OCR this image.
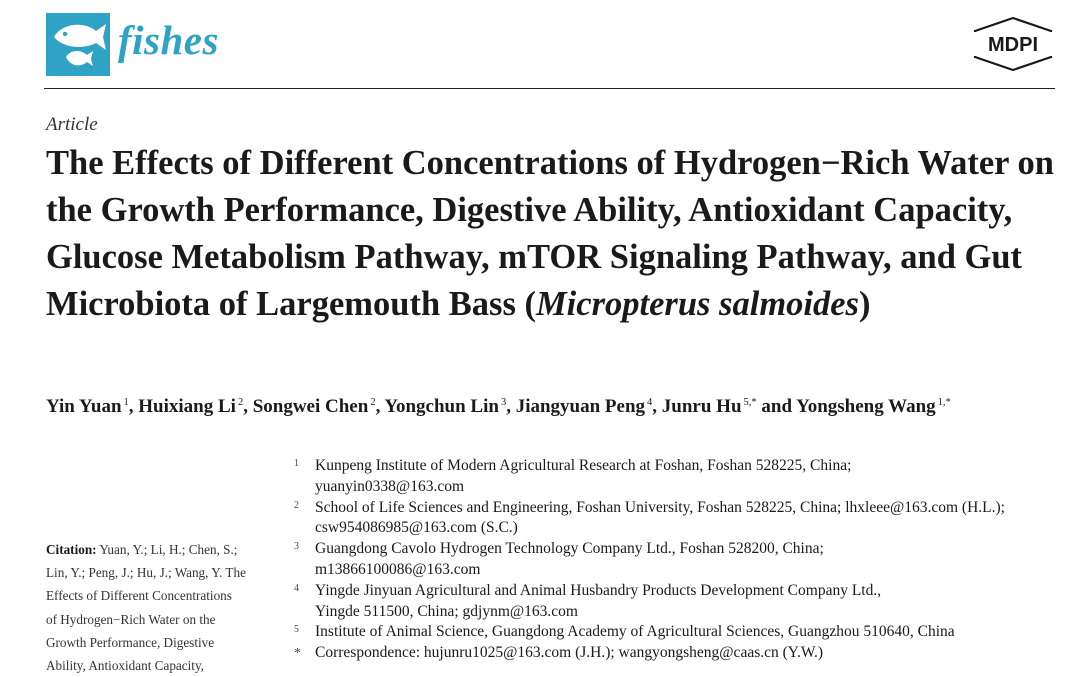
fishes	MDPI
Article
The Effects of Different Concentrations of Hydrogen−Rich Water on the Growth Performance, Digestive Ability, Antioxidant Capacity, Glucose Metabolism Pathway, mTOR Signaling Pathway, and Gut Microbiota of Largemouth Bass (Micropterus salmoides)
Yin Yuan $^1$, Huixiang Li $^2$, Songwei Chen $^2$, Yongchun Lin $^3$, Jiangyuan Peng $^4$, Junru Hu $^{5,*}$ and Yongsheng Wang $^{1,*}$
Citation: Yuan, Y.; Li, H.; Chen, S.;
Lin, Y.; Peng, J.; Hu, J.; Wang, Y. The
Effects of Different Concentrations
of Hydrogen−Rich Water on the
Growth Performance, Digestive
Ability, Antioxidant Capacity,
1 Kunpeng Institute of Modern Agricultural Research at Foshan, Foshan 528225, China;
yuanyin0338@163.com
2 School of Life Sciences and Engineering, Foshan University, Foshan 528225, China; lhxleee@163.com (H.L.);
csw954086985@163.com (S.C.)
3 Guangdong Cavolo Hydrogen Technology Company Ltd., Foshan 528200, China;
m13866100086@163.com
4 Yingde Jinyuan Agricultural and Animal Husbandry Products Development Company Ltd.,
Yingde 511500, China; gdjynm@163.com
5 Institute of Animal Science, Guangdong Academy of Agricultural Sciences, Guangzhou 510640, China
* Correspondence: hujunru1025@163.com (J.H.); wangyongsheng@caas.cn (Y.W.)
